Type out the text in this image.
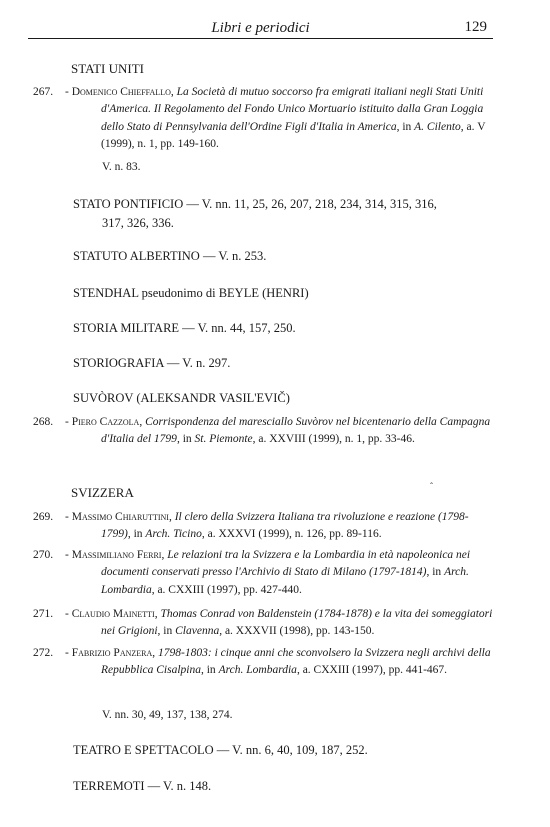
Libri e periodici	129
STATI UNITI
267.	- Domenico Chieffallo, La Società di mutuo soccorso fra emigrati italiani negli Stati Uniti d'America. Il Regolamento del Fondo Unico Mortuario istituito dalla Gran Loggia dello Stato di Pennsylvania dell'Ordine Figli d'Italia in America, in A. Cilento, a. V (1999), n. 1, pp. 149-160.
V. n. 83.
STATO PONTIFICIO — V. nn. 11, 25, 26, 207, 218, 234, 314, 315, 316,
317, 326, 336.
STATUTO ALBERTINO — V. n. 253.
STENDHAL pseudonimo di BEYLE (HENRI)
STORIA MILITARE — V. nn. 44, 157, 250.
STORIOGRAFIA — V. n. 297.
SUVÒROV (ALEKSANDR VASIL'EVIČ)
268.	- Piero Cazzola, Corrispondenza del maresciallo Suvòrov nel bicentenario della Campagna d'Italia del 1799, in St. Piemonte, a. XXVIII (1999), n. 1, pp. 33-46.
SVIZZERA	ˆ
269.	- Massimo Chiaruttini, Il clero della Svizzera Italiana tra rivoluzione e reazione (1798-1799), in Arch. Ticino, a. XXXVI (1999), n. 126, pp. 89-116.
270.	- Massimiliano Ferri, Le relazioni tra la Svizzera e la Lombardia in età napoleonica nei documenti conservati presso l'Archivio di Stato di Milano (1797-1814), in Arch. Lombardia, a. CXXIII (1997), pp. 427-440.
271.	- Claudio Mainetti, Thomas Conrad von Baldenstein (1784-1878) e la vita dei someggiatori nei Grigioni, in Clavenna, a. XXXVII (1998), pp. 143-150.
272.	- Fabrizio Panzera, 1798-1803: i cinque anni che sconvolsero la Svizzera negli archivi della Repubblica Cisalpina, in Arch. Lombardia, a. CXXIII (1997), pp. 441-467.
V. nn. 30, 49, 137, 138, 274.
TEATRO E SPETTACOLO — V. nn. 6, 40, 109, 187, 252.
TERREMOTI — V. n. 148.
